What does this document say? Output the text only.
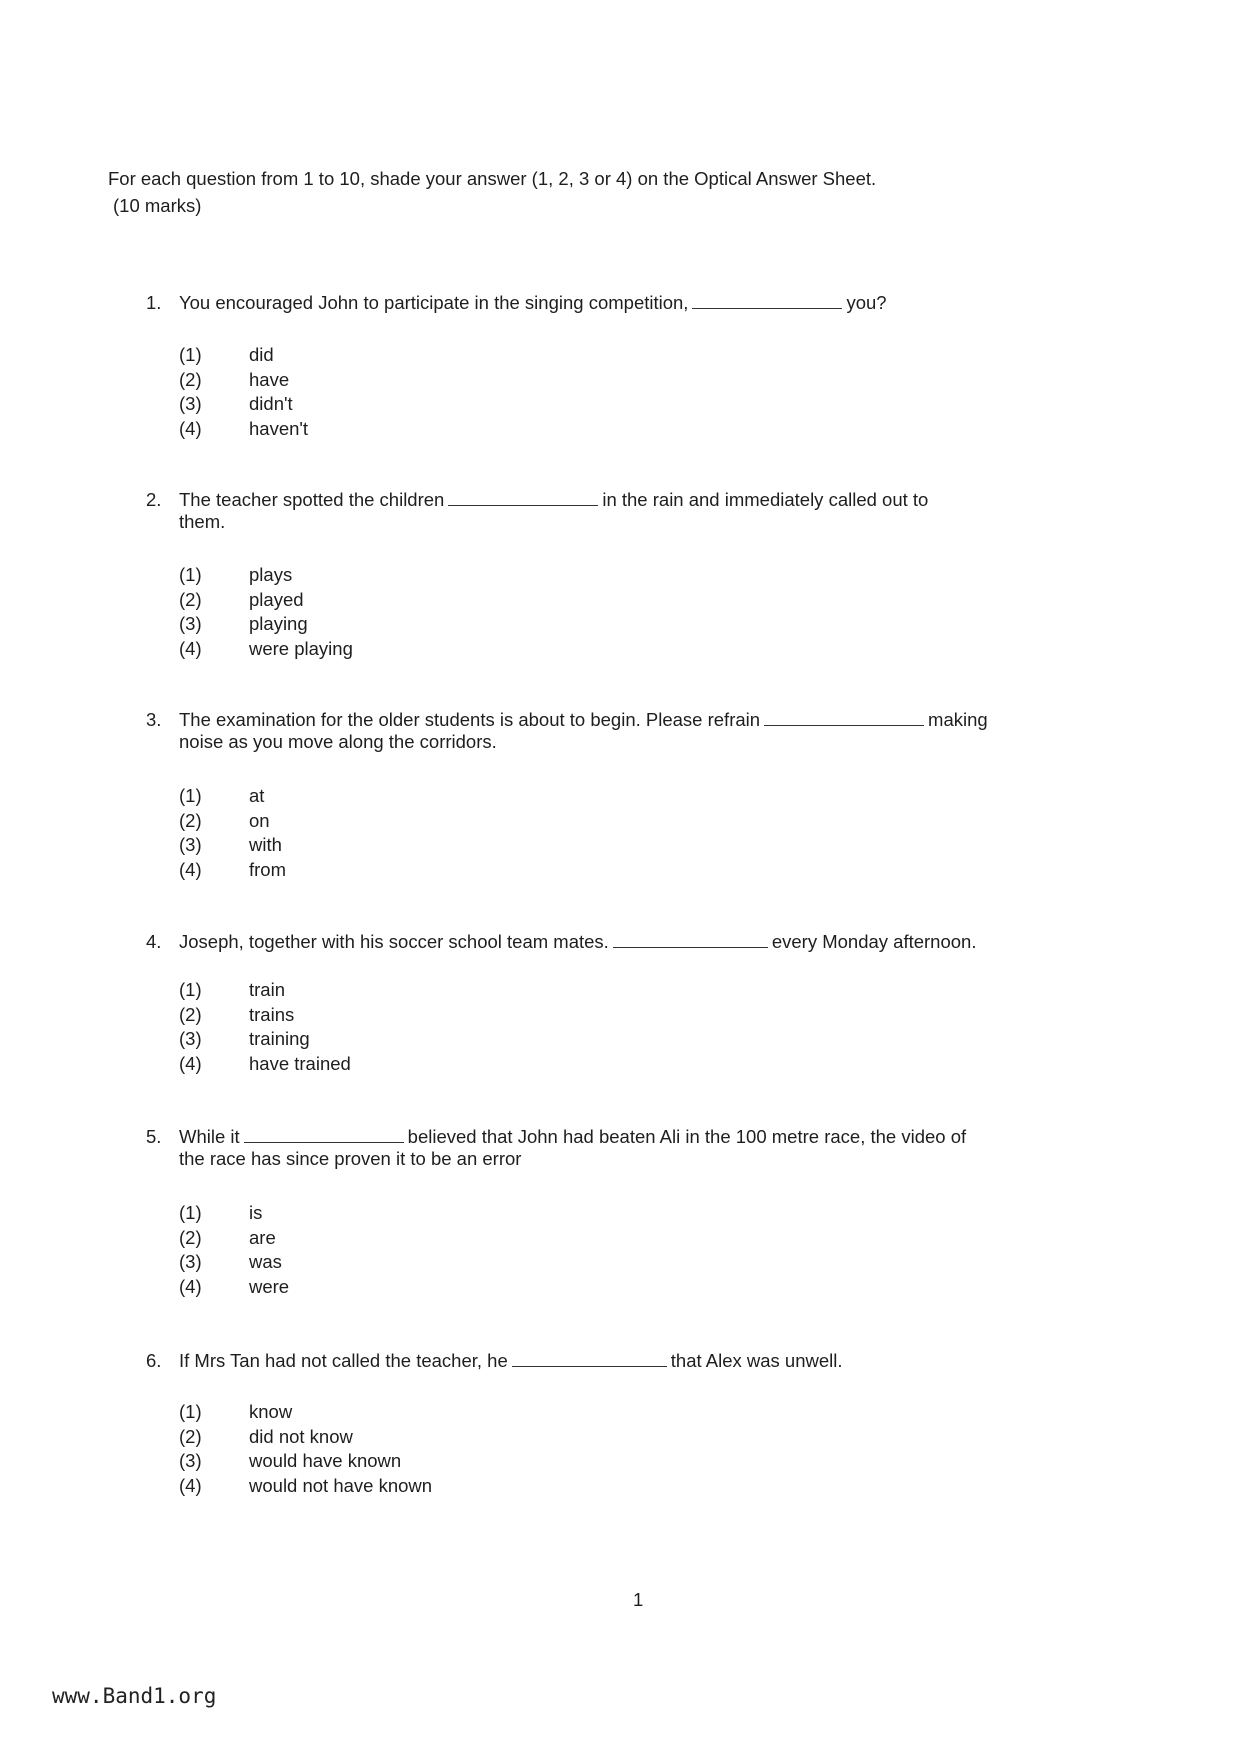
For each question from 1 to 10, shade your answer (1, 2, 3 or 4) on the Optical Answer Sheet.
(10 marks)
1. You encouraged John to participate in the singing competition,	you?
(1)	did
(2)	have
(3)	didn't
(4)	haven't
2. The teacher spotted the children	in the rain and immediately called out to
them.
(1)	plays
(2)	played
(3)	playing
(4)	were playing
3. The examination for the older students is about to begin. Please refrain	making
noise as you move along the corridors.
(1)	at
(2)	on
(3)	with
(4)	from
4. Joseph, together with his soccer school team mates.	every Monday afternoon.
(1)	train
(2)	trains
(3)	training
(4)	have trained
5. While it	believed that John had beaten Ali in the 100 metre race, the video of
the race has since proven it to be an error
(1)	is
(2)	are
(3)	was
(4)	were
6. If Mrs Tan had not called the teacher, he	that Alex was unwell.
(1)	know
(2)	did not know
(3)	would have known
(4)	would not have known
1
www.Band1.org
